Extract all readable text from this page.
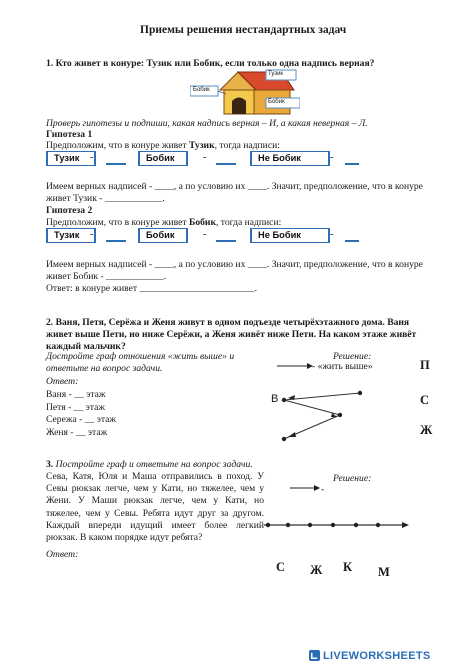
Приемы решения нестандартных задач
1. Кто живет в конуре: Тузик или Бобик, если только одна надпись верная?
Бобик
Тузик
Бобик
Проверь гипотезы и подпиши, какая надпись верная – И, а какая неверная – Л.
Гипотеза 1
Предположим, что в конуре живет Тузик, тогда надписи:
Тузик	-	Бобик	-	Не Бобик	-
Имеем верных надписей - ____, а по условию их ____. Значит, предположение, что в конуре
живет Тузик - ____________.
Гипотеза 2
Предположим, что в конуре живет Бобик, тогда надписи:
Тузик	-	Бобик	-	Не Бобик	-
Имеем верных надписей - ____, а по условию их ____. Значит, предположение, что в конуре
живет Бобик - ____________.
Ответ: в конуре живет ________________________.
2. Ваня, Петя, Серёжа и Женя живут в одном подъезде четырёхэтажного дома. Ваня живет выше Пети, но ниже Серёжи, а Женя живёт ниже Пети. На каком этаже живёт каждый мальчик?
Достройте граф отношения «жить выше» и ответьте на вопрос задачи.
Ответ:
Ваня - __ этаж
Петя - __ этаж
Сережа - __ этаж
Женя - __ этаж
Решение:
- «жить выше»
В
П
С
Ж
3. Постройте граф и ответьте на вопрос задачи.
Сева, Катя, Юля и Маша отправились в поход. У Севы рюкзак легче, чем у Кати, но тяжелее, чем у Жени. У Маши рюкзак легче, чем у Кати, но тяжелее, чем у Севы. Ребята идут друг за другом. Каждый впереди идущий имеет более легкий рюкзак. В каком порядке идут ребята?
Ответ:
Решение:
-
С Ж К М
LIVEWORKSHEETS
